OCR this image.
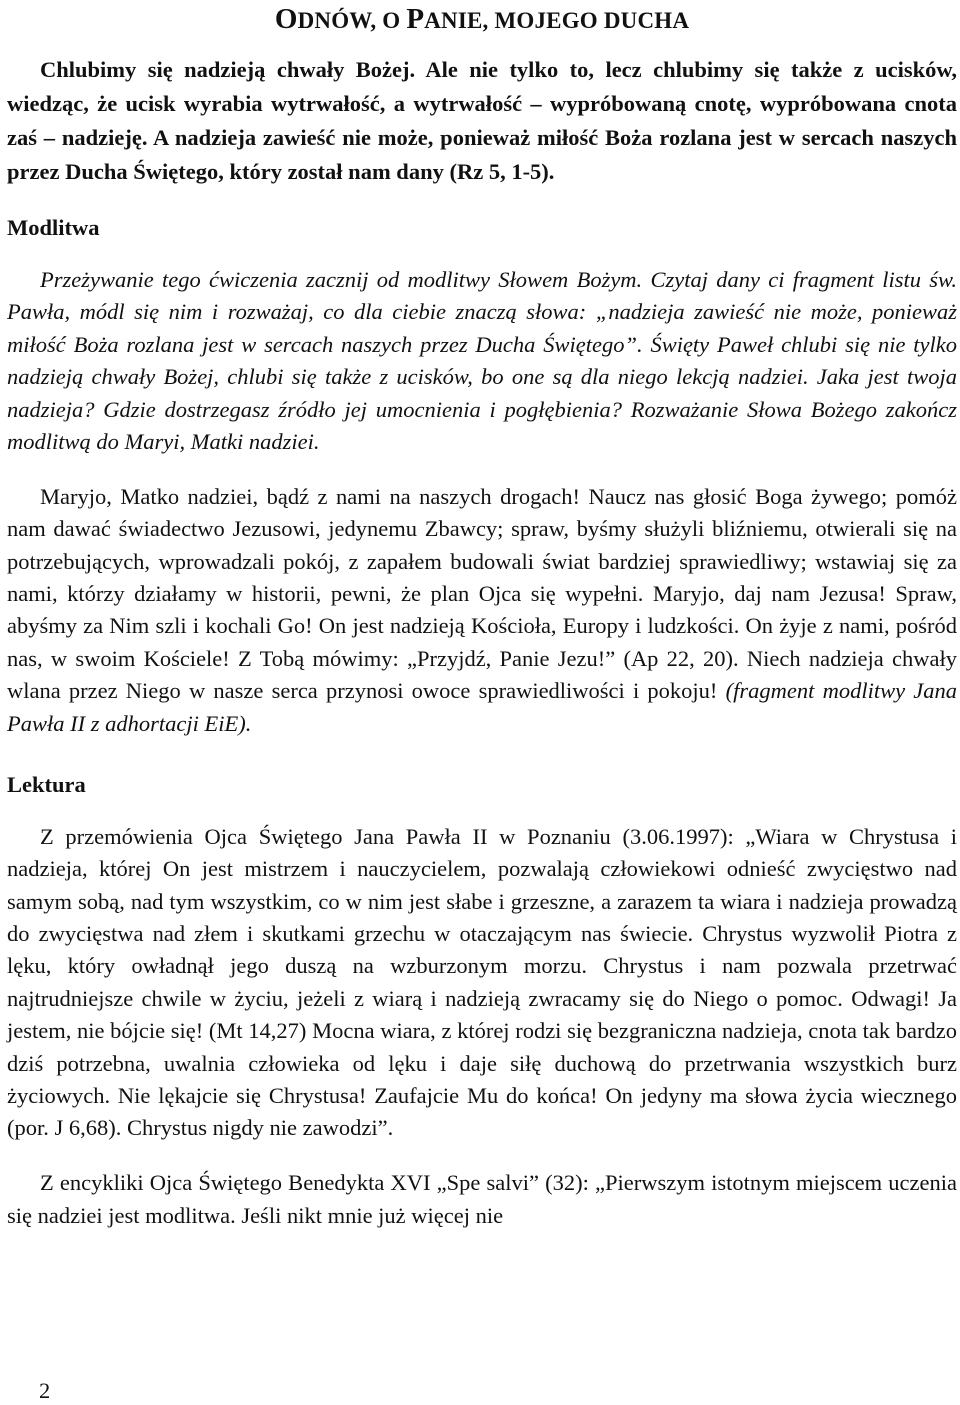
ODNÓW, O PANIE, MOJEGO DUCHA

Chlubimy się nadzieją chwały Bożej. Ale nie tylko to, lecz chlubimy się także z ucisków, wiedząc, że ucisk wyrabia wytrwałość, a wytrwałość – wypróbowaną cnotę, wypróbowana cnota zaś – nadzieję. A nadzieja zawieść nie może, ponieważ miłość Boża rozlana jest w sercach naszych przez Ducha Świętego, który został nam dany (Rz 5, 1-5).

Modlitwa

Przeżywanie tego ćwiczenia zacznij od modlitwy Słowem Bożym. Czytaj dany ci fragment listu św. Pawła, módl się nim i rozważaj, co dla ciebie znaczą słowa: „nadzieja zawieść nie może, ponieważ miłość Boża rozlana jest w sercach naszych przez Ducha Świętego”. Święty Paweł chlubi się nie tylko nadzieją chwały Bożej, chlubi się także z ucisków, bo one są dla niego lekcją nadziei. Jaka jest twoja nadzieja? Gdzie dostrzegasz źródło jej umocnienia i pogłębienia? Rozważanie Słowa Bożego zakończ modlitwą do Maryi, Matki nadziei.

Maryjo, Matko nadziei, bądź z nami na naszych drogach! Naucz nas głosić Boga żywego; pomóż nam dawać świadectwo Jezusowi, jedynemu Zbawcy; spraw, byśmy służyli bliźniemu, otwierali się na potrzebujących, wprowadzali pokój, z zapałem budowali świat bardziej sprawiedliwy; wstawiaj się za nami, którzy działamy w historii, pewni, że plan Ojca się wypełni. Maryjo, daj nam Jezusa! Spraw, abyśmy za Nim szli i kochali Go! On jest nadzieją Kościoła, Europy i ludzkości. On żyje z nami, pośród nas, w swoim Kościele! Z Tobą mówimy: „Przyjdź, Panie Jezu!” (Ap 22, 20). Niech nadzieja chwały wlana przez Niego w nasze serca przynosi owoce sprawiedliwości i pokoju! (fragment modlitwy Jana Pawła II z adhortacji EiE).

Lektura

Z przemówienia Ojca Świętego Jana Pawła II w Poznaniu (3.06.1997): „Wiara w Chrystusa i nadzieja, której On jest mistrzem i nauczycielem, pozwalają człowiekowi odnieść zwycięstwo nad samym sobą, nad tym wszystkim, co w nim jest słabe i grzeszne, a zarazem ta wiara i nadzieja prowadzą do zwycięstwa nad złem i skutkami grzechu w otaczającym nas świecie. Chrystus wyzwolił Piotra z lęku, który owładnął jego duszą na wzburzonym morzu. Chrystus i nam pozwala przetrwać najtrudniejsze chwile w życiu, jeżeli z wiarą i nadzieją zwracamy się do Niego o pomoc. Odwagi! Ja jestem, nie bójcie się! (Mt 14,27) Mocna wiara, z której rodzi się bezgraniczna nadzieja, cnota tak bardzo dziś potrzebna, uwalnia człowieka od lęku i daje siłę duchową do przetrwania wszystkich burz życiowych. Nie lękajcie się Chrystusa! Zaufajcie Mu do końca! On jedyny ma słowa życia wiecznego (por. J 6,68). Chrystus nigdy nie zawodzi”.

Z encykliki Ojca Świętego Benedykta XVI „Spe salvi” (32): „Pierwszym istotnym miejscem uczenia się nadziei jest modlitwa. Jeśli nikt mnie już więcej nie

2
